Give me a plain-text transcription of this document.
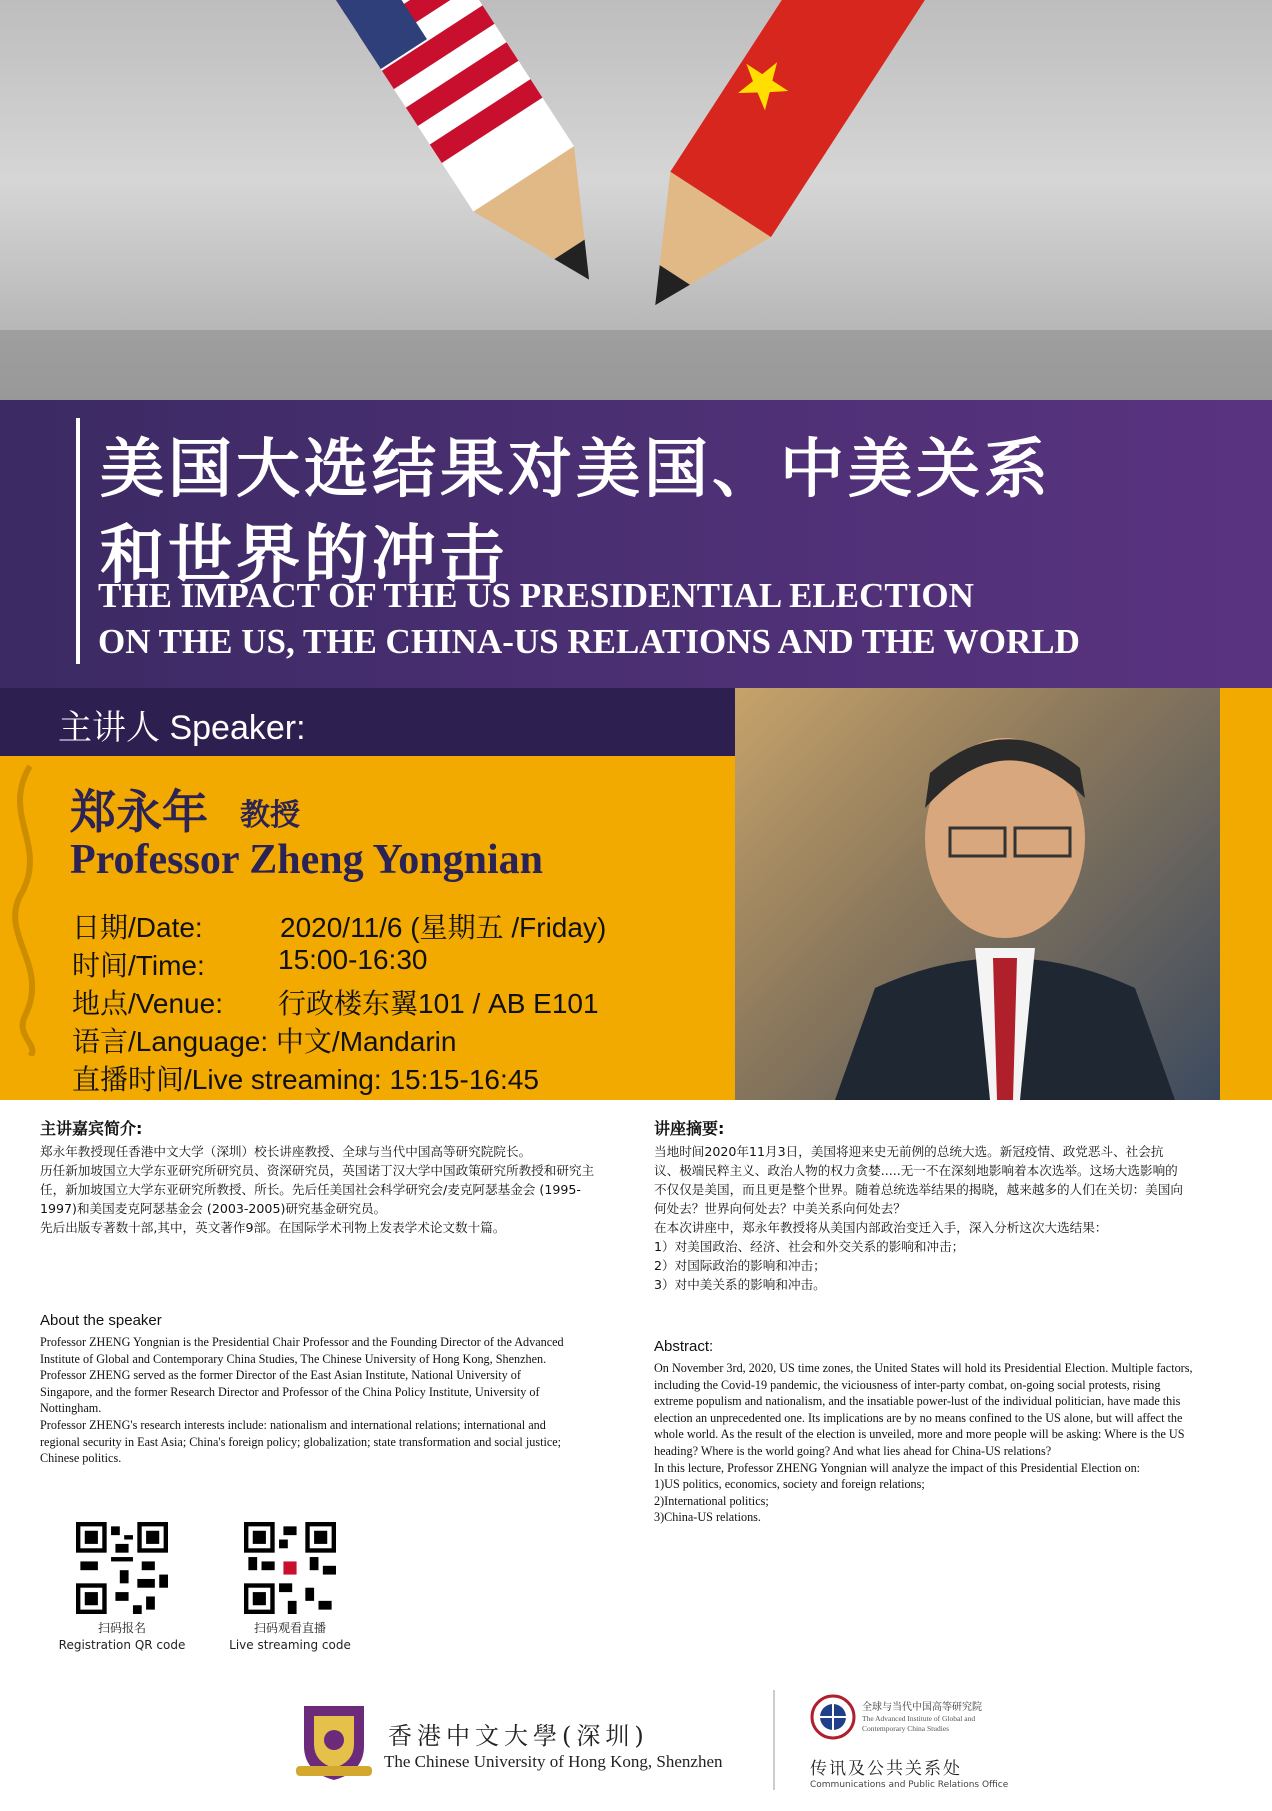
美国大选结果对美国、中美关系
和世界的冲击
THE IMPACT OF THE US PRESIDENTIAL ELECTION
ON THE US, THE CHINA-US RELATIONS AND THE WORLD
主讲人 Speaker:
郑永年 教授
Professor Zheng Yongnian
日期/Date:	2020/11/6 (星期五 /Friday)
时间/Time:	15:00-16:30
地点/Venue: 行政楼东翼101 / AB E101
语言/Language: 中文/Mandarin
直播时间/Live streaming: 15:15-16:45
主讲嘉宾简介:

郑永年教授现任香港中文大学（深圳）校长讲座教授、全球与当代中国高等研究院院长。

历任新加坡国立大学东亚研究所研究员、资深研究员，英国诺丁汉大学中国政策研究所教授和研究主任，新加坡国立大学东亚研究所教授、所长。先后任美国社会科学研究会/麦克阿瑟基金会 (1995-1997)和美国麦克阿瑟基金会 (2003-2005)研究基金研究员。

先后出版专著数十部,其中，英文著作9部。在国际学术刊物上发表学术论文数十篇。

About the speaker

Professor ZHENG Yongnian is the Presidential Chair Professor and the Founding Director of the Advanced Institute of Global and Contemporary China Studies, The Chinese University of Hong Kong, Shenzhen.

Professor ZHENG served as the former Director of the East Asian Institute, National University of Singapore, and the former Research Director and Professor of the China Policy Institute, University of Nottingham.

Professor ZHENG's research interests include: nationalism and international relations; international and regional security in East Asia; China's foreign policy; globalization; state transformation and social justice; Chinese politics.

讲座摘要:

当地时间2020年11月3日，美国将迎来史无前例的总统大选。新冠疫情、政党恶斗、社会抗议、极端民粹主义、政治人物的权力贪婪.....无一不在深刻地影响着本次选举。这场大选影响的不仅仅是美国，而且更是整个世界。随着总统选举结果的揭晓，越来越多的人们在关切：美国向何处去？世界向何处去？中美关系向何处去？

在本次讲座中，郑永年教授将从美国内部政治变迁入手，深入分析这次大选结果：

1）对美国政治、经济、社会和外交关系的影响和冲击；

2）对国际政治的影响和冲击；

3）对中美关系的影响和冲击。

Abstract:

On November 3rd, 2020, US time zones, the United States will hold its Presidential Election. Multiple factors, including the Covid-19 pandemic, the viciousness of inter-party combat, on-going social protests, rising extreme populism and nationalism, and the insatiable power-lust of the individual politician, have made this election an unprecedented one. Its implications are by no means confined to the US alone, but will affect the whole world. As the result of the election is unveiled, more and more people will be asking: Where is the US heading? Where is the world going? And what lies ahead for China-US relations?

In this lecture, Professor ZHENG Yongnian will analyze the impact of this Presidential Election on:

1)US politics, economics, society and foreign relations;

2)International politics;

3)China-US relations.

扫码报名
Registration QR code
扫码观看直播
Live streaming code
香港中文大學(深圳)
The Chinese University of Hong Kong, Shenzhen
全球与当代中国高等研究院
The Advanced Institute of Global and
Contemporary China Studies
传讯及公共关系处
Communications and Public Relations Office
